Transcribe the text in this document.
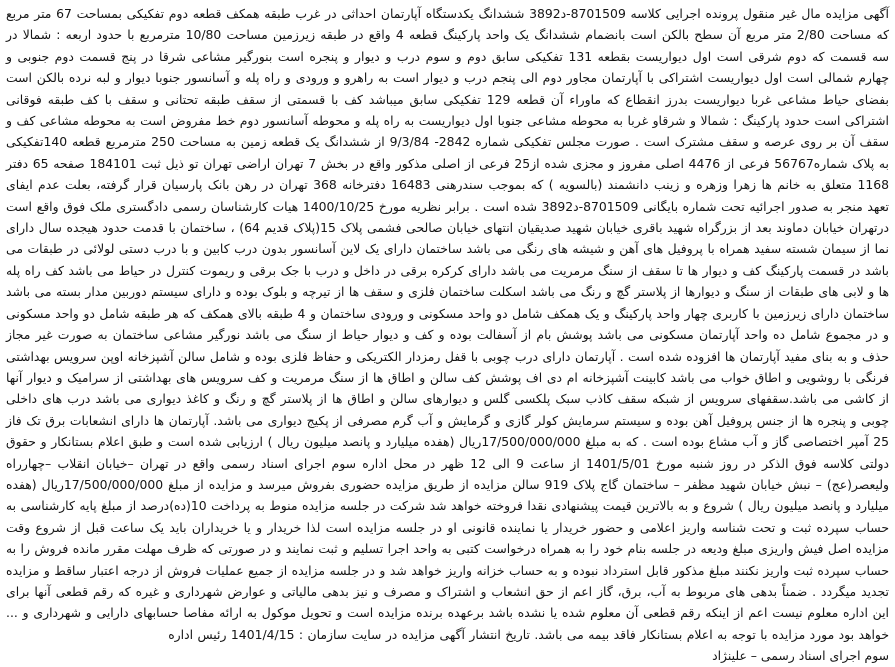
آگهی مزایده مال غیر منقول پرونده اجرایی کلاسه 8701509-د3892 ششدانگ یکدستگاه آپارتمان احداثی در غرب طبقه همکف قطعه دوم تفکیکی بمساحت 67 متر مربع که مساحت 2/80 متر مربع آن سطح بالکن است بانضمام ششدانگ یک واحد پارکینگ قطعه 4 واقع در طبقه زیرزمین مساحت 10/80 مترمربع با حدود اربعه : شمالا در سه قسمت که دوم شرقی است اول دیواریست بقطعه 131 تفکیکی سابق دوم و سوم درب و دیوار و پنجره است بنورگیر مشاعی شرقا در پنج قسمت دوم جنوبی و چهارم شمالی است اول دیواریست اشتراکی با آپارتمان مجاور دوم الی پنجم درب و دیوار است به راهرو و ورودی و راه پله و آسانسور جنوبا دیوار و لبه نرده بالکن است بفضای حیاط مشاعی غربا دیواریست بدرز انقطاع که ماوراء آن قطعه 129 تفکیکی سابق میباشد کف با قسمتی از سقف طبقه تحتانی و سقف با کف طبقه فوقانی اشتراکی است حدود پارکینگ : شمالا و شرقاو غربا به محوطه مشاعی جنوبا اول دیواریست به راه پله و محوطه آسانسور دوم خط مفروض است به محوطه مشاعی کف و سقف آن بر روی عرصه و سقف مشترک است . صورت مجلس تفکیکی شماره 2842- 9/3/84 از ششدانگ یک قطعه زمین به مساحت 250 مترمربع قطعه 140تفکیکی به پلاک شماره56767 فرعی از 4476 اصلی مفروز و مجزی شده از25 فرعی از اصلی مذکور واقع در بخش 7 تهران اراضی تهران تو ذیل ثبت 184101 صفحه 65 دفتر 1168 متعلق به خانم ها زهرا وزهره و زینب دانشمند (بالسویه ) که بموجب سندرهنی 16483 دفترخانه 368 تهران در رهن بانک پارسیان قرار گرفته، بعلت عدم ایفای تعهد منجر به صدور اجرائیه تحت شماره بایگانی 8701509-د3892 شده است . برابر نظریه مورخ 1400/10/25 هیات کارشناسان رسمی دادگستری ملک فوق واقع است درتهران خیابان دماوند بعد از بزرگراه شهید باقری خیابان شهید صدیقیان انتهای خیابان صالحی فشمی پلاک 15(پلاک قدیم 64) ، ساختمان با قدمت حدود هیجده سال دارای نما از سیمان شسته سفید همراه با پروفیل های آهن و شیشه های رنگی می باشد ساختمان دارای یک لاین آسانسور بدون درب کابین و با درب دستی لولائی در طبقات می باشد در قسمت پارکینگ کف و دیوار ها تا سقف از سنگ مرمریت می باشد دارای کرکره برقی در داخل و درب با جک برقی و ریموت کنترل در حیاط می باشد کف راه پله ها و لابی های طبقات از سنگ و دیوارها از پلاستر گچ و رنگ می باشد اسکلت ساختمان فلزی و سقف ها از تیرچه و بلوک بوده و دارای سیستم دوربین مدار بسته می باشد ساختمان دارای زیرزمین با کاربری چهار واحد پارکینگ و یک همکف شامل دو واحد مسکونی و ورودی ساختمان و 4 طبقه بالای همکف که هر طبقه شامل دو واحد مسکونی و در مجموع شامل ده واحد آپارتمان مسکونی می باشد پوشش بام از آسفالت بوده و کف و دیوار حیاط از سنگ می باشد نورگیر مشاعی ساختمان به صورت غیر مجاز حذف و به بنای مفید آپارتمان ها افزوده شده است . آپارتمان دارای درب چوبی با قفل رمزدار الکتریکی و حفاظ فلزی بوده و شامل سالن آشپزخانه اوپن سرویس بهداشتی فرنگی با روشویی و اطاق خواب می باشد کابینت آشپزخانه ام دی اف پوشش کف سالن و اطاق ها از سنگ مرمریت و کف سرویس های بهداشتی از سرامیک و دیوار آنها از کاشی می باشد.سقفهای سرویس از شبکه سقف کاذب سبک پلکسی گلس و دیوارهای سالن و اطاق ها از پلاستر گچ و رنگ و کاغذ دیواری می باشد درب های داخلی چوبی و پنجره ها از جنس پروفیل آهن بوده و سیستم سرمایش کولر گازی و گرمایش و آب گرم مصرفی از پکیج دیواری می باشد. آپارتمان ها دارای انشعابات برق تک فاز 25 آمپر اختصاصی گاز و آب مشاع بوده است . که به مبلغ 17/500/000/000ریال (هفده میلیارد و پانصد میلیون ریال ) ارزیابی شده است و طبق اعلام بستانکار و حقوق دولتی کلاسه فوق الذکر در روز شنبه مورخ 1401/5/01 از ساعت 9 الی 12 ظهر در محل اداره سوم اجرای اسناد رسمی واقع در تهران –خیابان انقلاب –چهارراه ولیعصر(عج) – نبش خیابان شهید مظفر – ساختمان گاج پلاک 919 سالن مزایده از طریق مزایده حضوری بفروش میرسد و مزایده از مبلغ 17/500/000/000ریال (هفده میلیارد و پانصد میلیون ریال ) شروع و به بالاترین قیمت پیشنهادی نقدا فروخته خواهد شد شرکت در جلسه مزایده منوط به پرداخت 10(ده)درصد از مبلغ پایه کارشناسی به حساب سپرده ثبت و تحت شناسه واریز اعلامی و حضور خریدار یا نماینده قانونی او در جلسه مزایده است لذا خریدار و یا خریداران باید یک ساعت قبل از شروع وقت مزایده اصل فیش واریزی مبلغ ودیعه در جلسه بنام خود را به همراه درخواست کتبی به واحد اجرا تسلیم و ثبت نمایند و در صورتی که ظرف مهلت مقرر مانده فروش را به حساب سپرده ثبت واریز نکنند مبلغ مذکور قابل استرداد نبوده و به حساب خزانه واریز خواهد شد و در جلسه مزایده از جمیع عملیات فروش از درجه اعتبار ساقط و مزایده تجدید میگردد . ضمناً بدهی های مربوط به آب، برق، گاز اعم از حق انشعاب و اشتراک و مصرف و نیز بدهی مالیاتی و عوارض شهرداری و غیره که رقم قطعی آنها برای این اداره معلوم نیست اعم از اینکه رقم قطعی آن معلوم شده یا نشده باشد برعهده برنده مزایده است و تحویل موکول به ارائه مفاصا حسابهای دارایی و شهرداری و ... خواهد بود مورد مزایده با توجه به اعلام بستانکار فاقد بیمه می باشد. تاریخ انتشار آگهی مزایده در سایت سازمان : 1401/4/15 رئیس اداره

سوم اجرای اسناد رسمی – علینژاد
